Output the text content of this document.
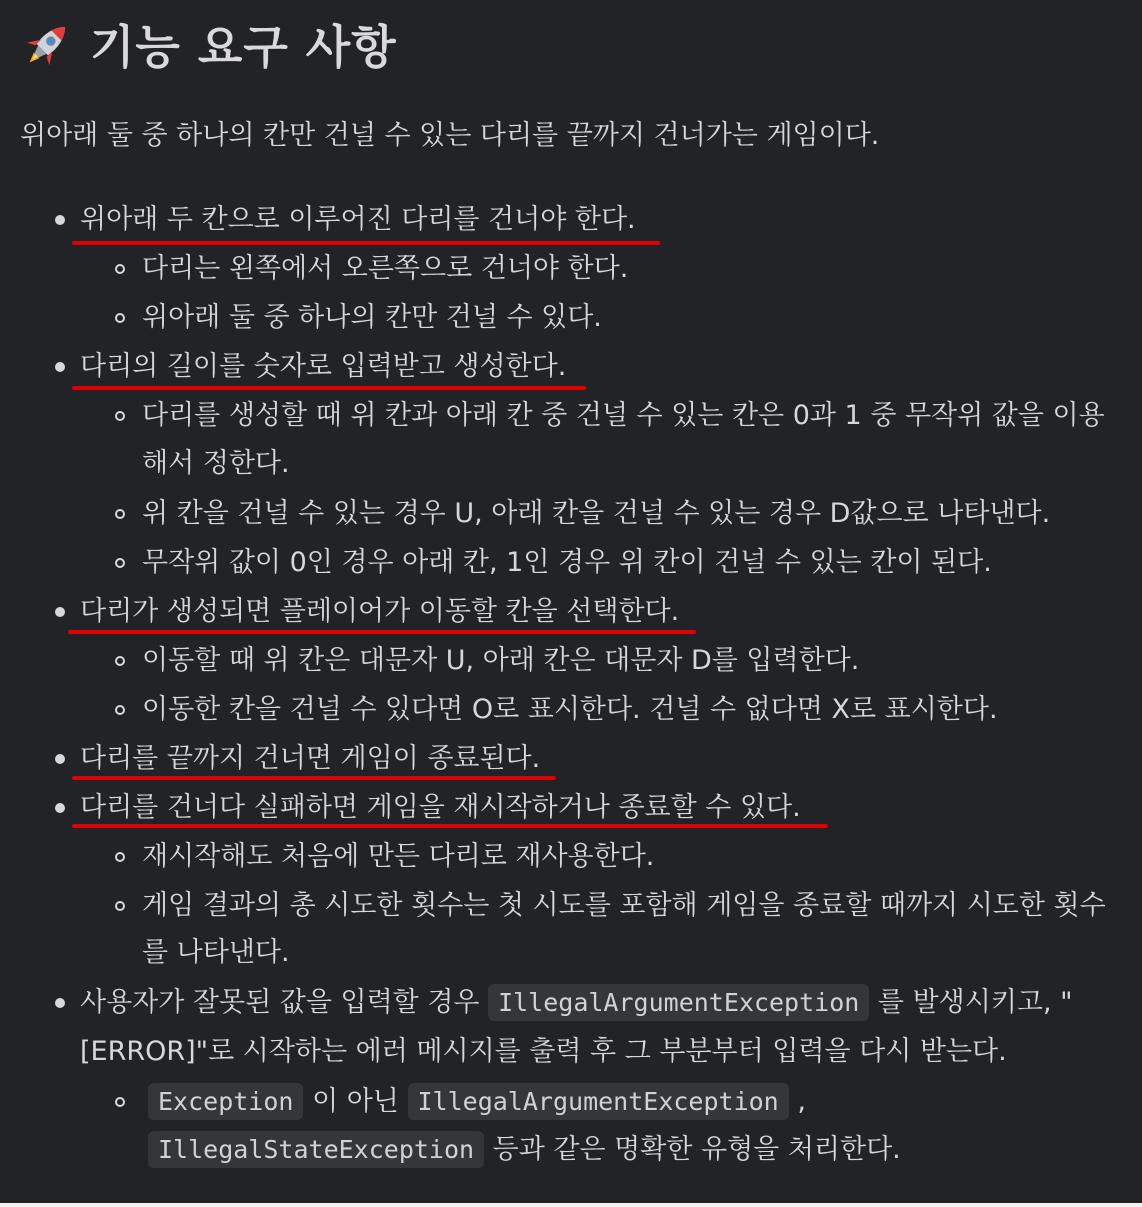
기능 요구 사항
위아래 둘 중 하나의 칸만 건널 수 있는 다리를 끝까지 건너가는 게임이다.
위아래 두 칸으로 이루어진 다리를 건너야 한다.
다리는 왼쪽에서 오른쪽으로 건너야 한다.
위아래 둘 중 하나의 칸만 건널 수 있다.
다리의 길이를 숫자로 입력받고 생성한다.
다리를 생성할 때 위 칸과 아래 칸 중 건널 수 있는 칸은 0과 1 중 무작위 값을 이용
해서 정한다.
위 칸을 건널 수 있는 경우 U, 아래 칸을 건널 수 있는 경우 D값으로 나타낸다.
무작위 값이 0인 경우 아래 칸, 1인 경우 위 칸이 건널 수 있는 칸이 된다.
다리가 생성되면 플레이어가 이동할 칸을 선택한다.
이동할 때 위 칸은 대문자 U, 아래 칸은 대문자 D를 입력한다.
이동한 칸을 건널 수 있다면 O로 표시한다. 건널 수 없다면 X로 표시한다.
다리를 끝까지 건너면 게임이 종료된다.
다리를 건너다 실패하면 게임을 재시작하거나 종료할 수 있다.
재시작해도 처음에 만든 다리로 재사용한다.
게임 결과의 총 시도한 횟수는 첫 시도를 포함해 게임을 종료할 때까지 시도한 횟수
를 나타낸다.
사용자가 잘못된 값을 입력할 경우 IllegalArgumentException 를 발생시키고, "
[ERROR]"로 시작하는 에러 메시지를 출력 후 그 부분부터 입력을 다시 받는다.
Exception 이 아닌 IllegalArgumentException ,
IllegalStateException 등과 같은 명확한 유형을 처리한다.
